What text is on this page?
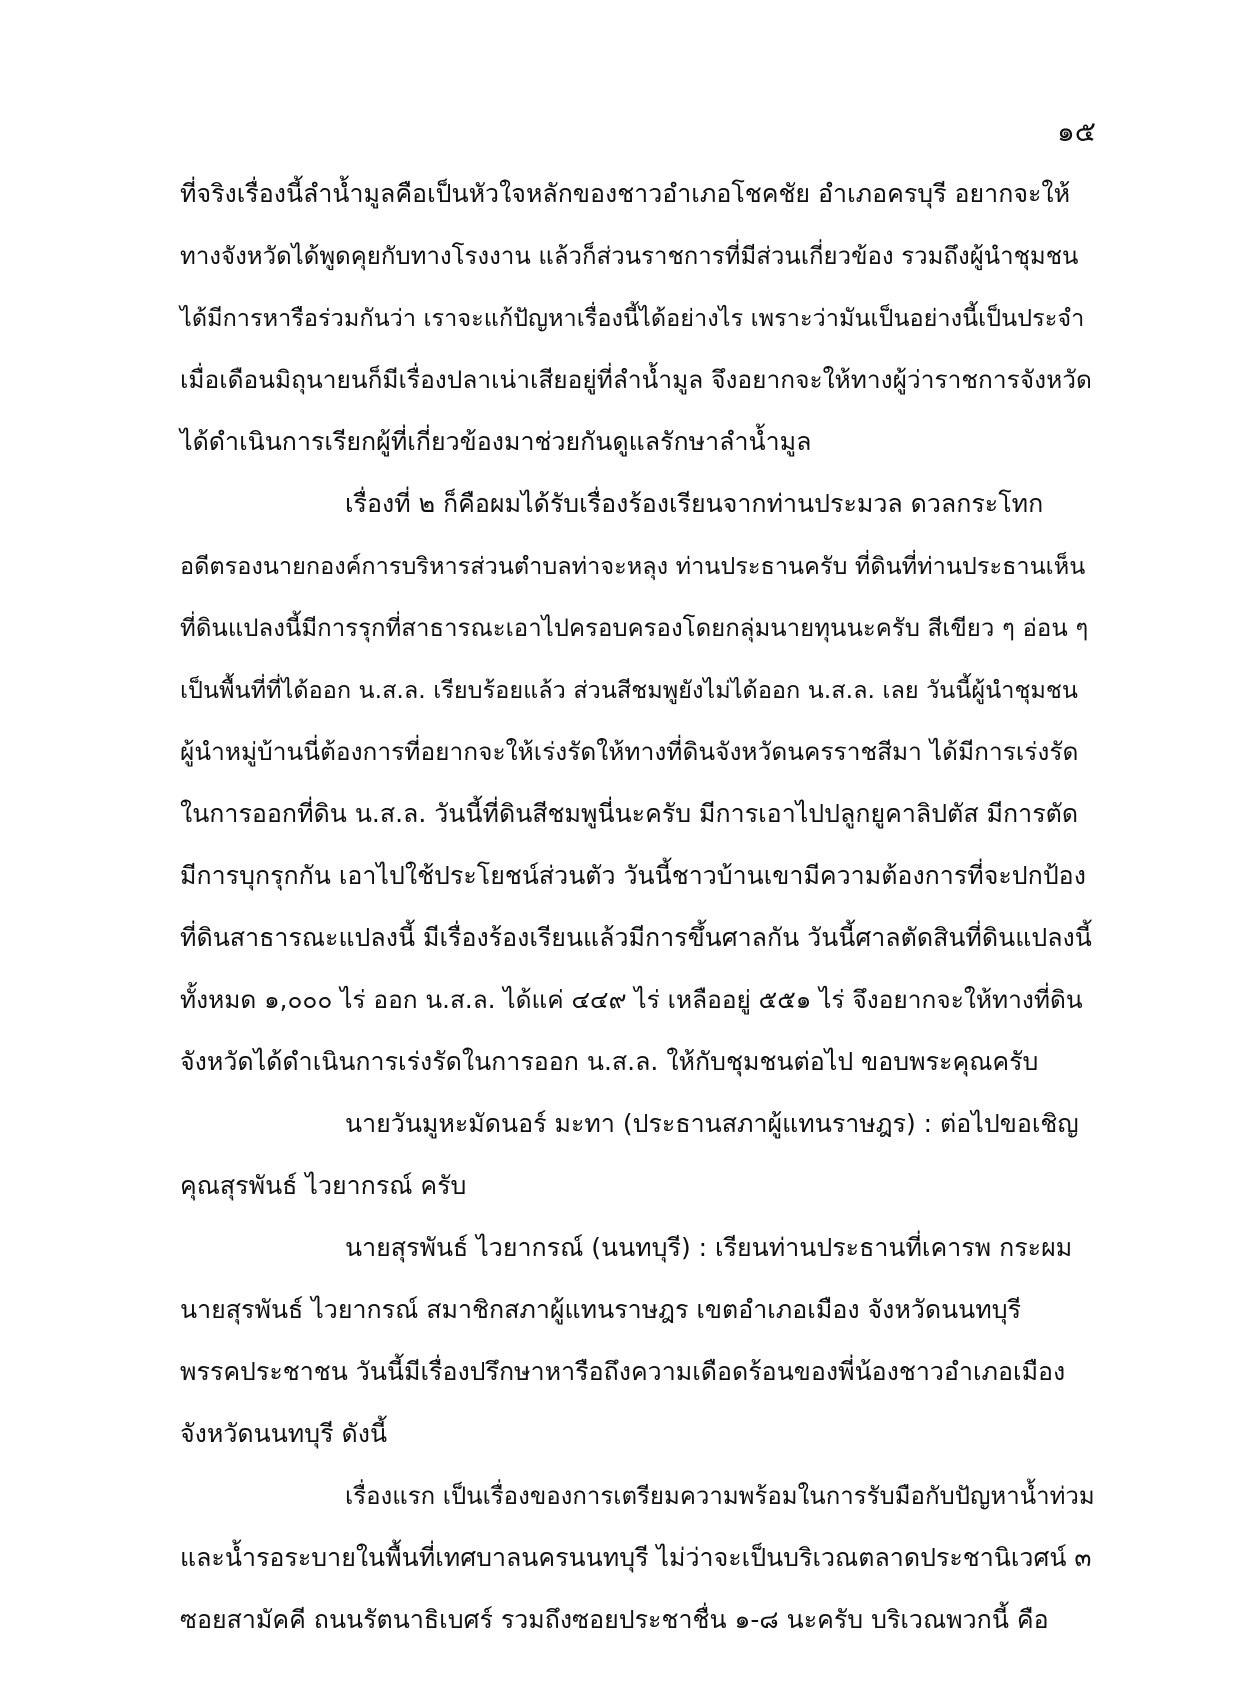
๑๕
ที่จริงเรื่องนี้ลำน้ำมูลคือเป็นหัวใจหลักของชาวอำเภอโชคชัย อำเภอครบุรี อยากจะให้
ทางจังหวัดได้พูดคุยกับทางโรงงาน แล้วก็ส่วนราชการที่มีส่วนเกี่ยวข้อง รวมถึงผู้นำชุมชน
ได้มีการหารือร่วมกันว่า เราจะแก้ปัญหาเรื่องนี้ได้อย่างไร เพราะว่ามันเป็นอย่างนี้เป็นประจำ
เมื่อเดือนมิถุนายนก็มีเรื่องปลาเน่าเสียอยู่ที่ลำน้ำมูล จึงอยากจะให้ทางผู้ว่าราชการจังหวัด
ได้ดำเนินการเรียกผู้ที่เกี่ยวข้องมาช่วยกันดูแลรักษาลำน้ำมูล
เรื่องที่ ๒ ก็คือผมได้รับเรื่องร้องเรียนจากท่านประมวล ดวลกระโทก
อดีตรองนายกองค์การบริหารส่วนตำบลท่าจะหลุง ท่านประธานครับ ที่ดินที่ท่านประธานเห็น
ที่ดินแปลงนี้มีการรุกที่สาธารณะเอาไปครอบครองโดยกลุ่มนายทุนนะครับ สีเขียว ๆ อ่อน ๆ
เป็นพื้นที่ที่ได้ออก น.ส.ล. เรียบร้อยแล้ว ส่วนสีชมพูยังไม่ได้ออก น.ส.ล. เลย วันนี้ผู้นำชุมชน
ผู้นำหมู่บ้านนี่ต้องการที่อยากจะให้เร่งรัดให้ทางที่ดินจังหวัดนครราชสีมา ได้มีการเร่งรัด
ในการออกที่ดิน น.ส.ล. วันนี้ที่ดินสีชมพูนี่นะครับ มีการเอาไปปลูกยูคาลิปตัส มีการตัด
มีการบุกรุกกัน เอาไปใช้ประโยชน์ส่วนตัว วันนี้ชาวบ้านเขามีความต้องการที่จะปกป้อง
ที่ดินสาธารณะแปลงนี้ มีเรื่องร้องเรียนแล้วมีการขึ้นศาลกัน วันนี้ศาลตัดสินที่ดินแปลงนี้
ทั้งหมด ๑,๐๐๐ ไร่ ออก น.ส.ล. ได้แค่ ๔๔๙ ไร่ เหลืออยู่ ๕๕๑ ไร่ จึงอยากจะให้ทางที่ดิน
จังหวัดได้ดำเนินการเร่งรัดในการออก น.ส.ล. ให้กับชุมชนต่อไป ขอบพระคุณครับ
นายวันมูหะมัดนอร์ มะทา (ประธานสภาผู้แทนราษฎร) : ต่อไปขอเชิญ
คุณสุรพันธ์ ไวยากรณ์ ครับ
นายสุรพันธ์ ไวยากรณ์ (นนทบุรี) : เรียนท่านประธานที่เคารพ กระผม
นายสุรพันธ์ ไวยากรณ์ สมาชิกสภาผู้แทนราษฎร เขตอำเภอเมือง จังหวัดนนทบุรี
พรรคประชาชน วันนี้มีเรื่องปรึกษาหารือถึงความเดือดร้อนของพี่น้องชาวอำเภอเมือง
จังหวัดนนทบุรี ดังนี้
เรื่องแรก เป็นเรื่องของการเตรียมความพร้อมในการรับมือกับปัญหาน้ำท่วม
และน้ำรอระบายในพื้นที่เทศบาลนครนนทบุรี ไม่ว่าจะเป็นบริเวณตลาดประชานิเวศน์ ๓
ซอยสามัคคี ถนนรัตนาธิเบศร์ รวมถึงซอยประชาชื่น ๑-๘ นะครับ บริเวณพวกนี้ คือ
